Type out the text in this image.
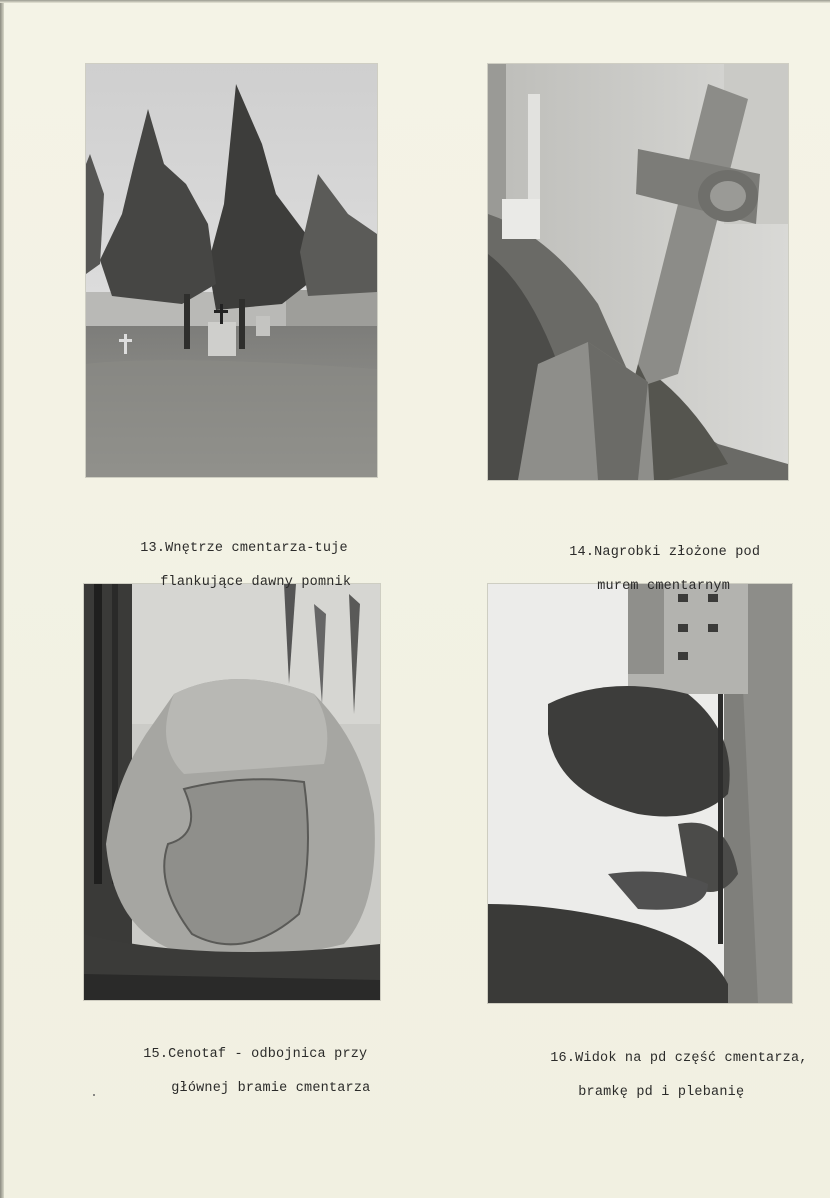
13.Wnętrze cmentarza-tuje

flankujące dawny pomnik

14.Nagrobki złożone pod

murem cmentarnym

15.Cenotaf - odbojnica przy

głównej bramie cmentarza

16.Widok na pd część cmentarza,

bramkę pd i plebanię
